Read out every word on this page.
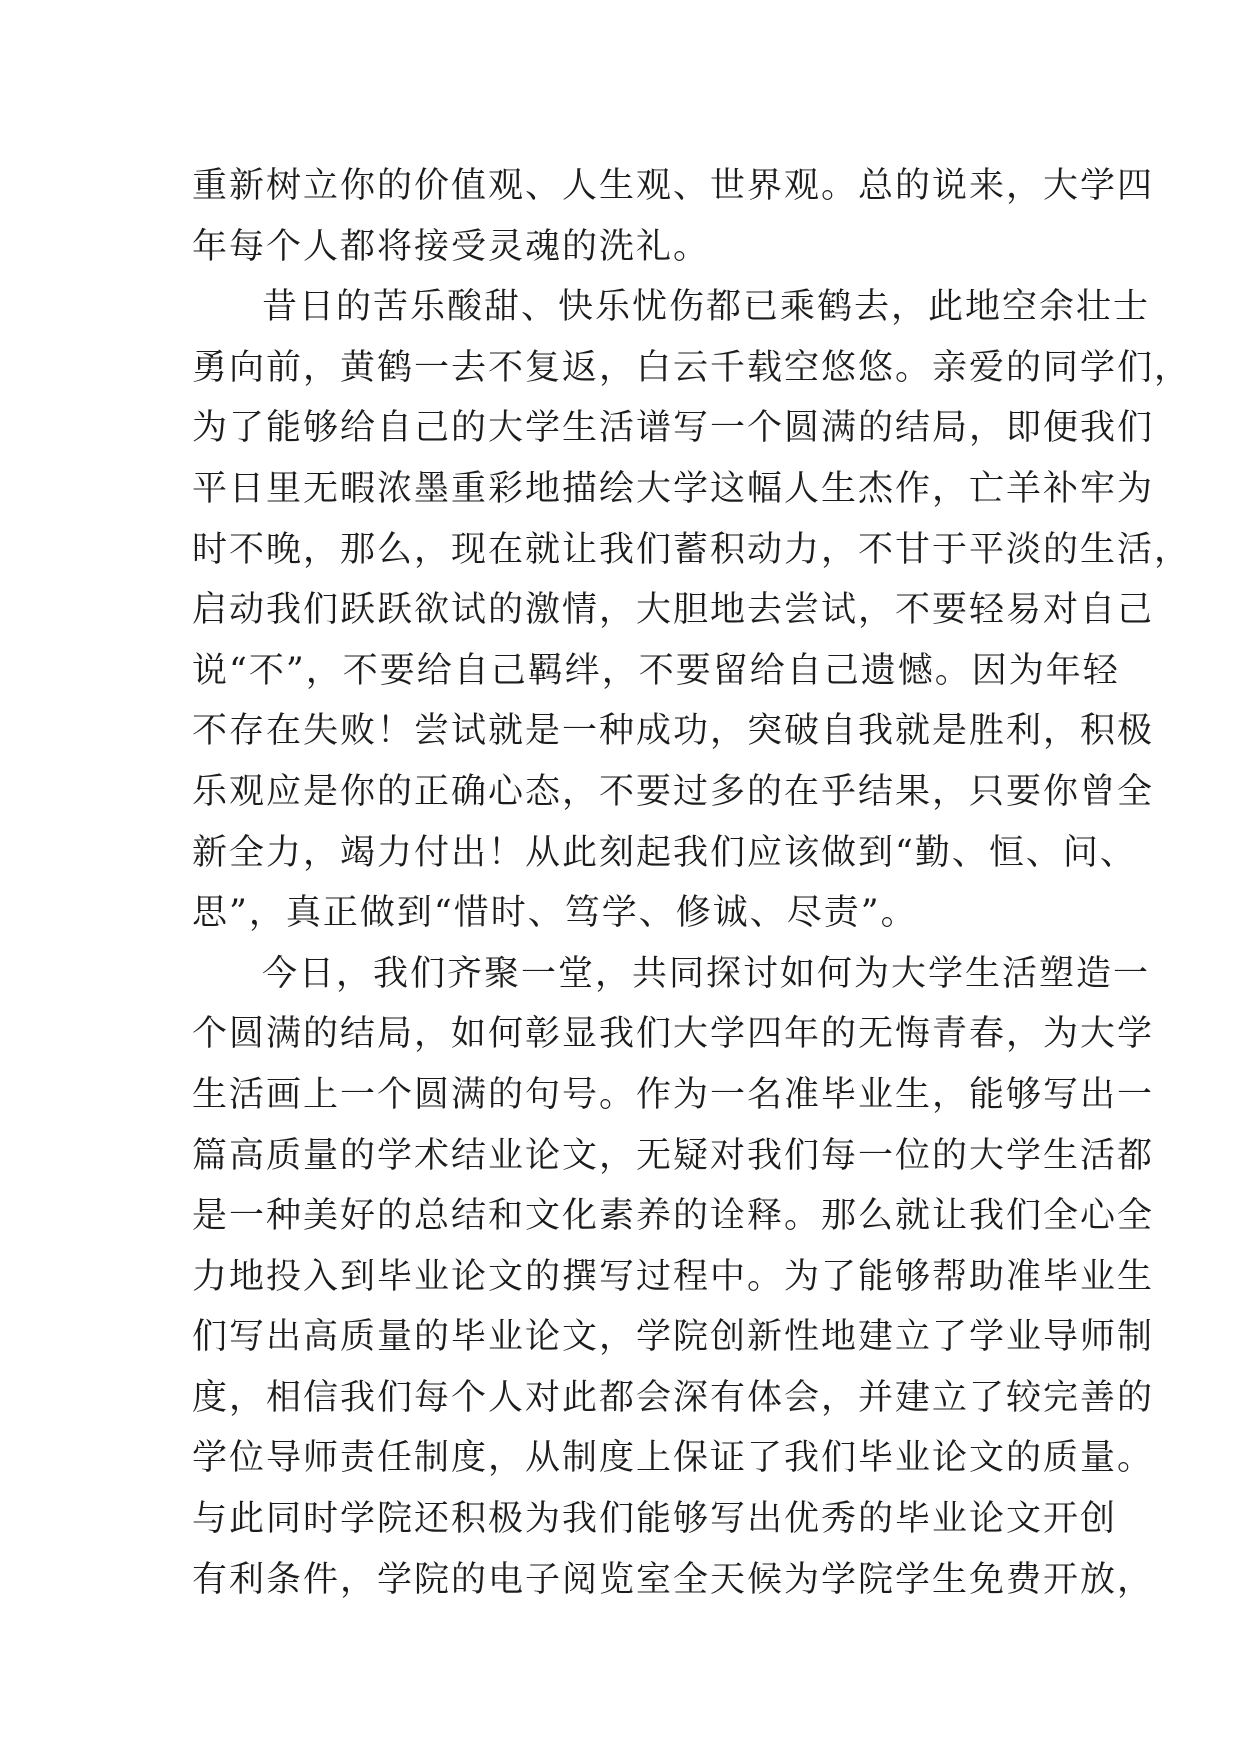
重新树立你的价值观、人生观、世界观。总的说来，大学四
年每个人都将接受灵魂的洗礼。
昔日的苦乐酸甜、快乐忧伤都已乘鹤去，此地空余壮士
勇向前，黄鹤一去不复返，白云千载空悠悠。亲爱的同学们，
为了能够给自己的大学生活谱写一个圆满的结局，即便我们
平日里无暇浓墨重彩地描绘大学这幅人生杰作，亡羊补牢为
时不晚，那么，现在就让我们蓄积动力，不甘于平淡的生活，
启动我们跃跃欲试的激情，大胆地去尝试，不要轻易对自己
说“不”，不要给自己羁绊，不要留给自己遗憾。因为年轻
不存在失败！尝试就是一种成功，突破自我就是胜利，积极
乐观应是你的正确心态，不要过多的在乎结果，只要你曾全
新全力，竭力付出！从此刻起我们应该做到“勤、恒、问、
思”，真正做到“惜时、笃学、修诚、尽责”。
今日，我们齐聚一堂，共同探讨如何为大学生活塑造一
个圆满的结局，如何彰显我们大学四年的无悔青春，为大学
生活画上一个圆满的句号。作为一名准毕业生，能够写出一
篇高质量的学术结业论文，无疑对我们每一位的大学生活都
是一种美好的总结和文化素养的诠释。那么就让我们全心全
力地投入到毕业论文的撰写过程中。为了能够帮助准毕业生
们写出高质量的毕业论文，学院创新性地建立了学业导师制
度，相信我们每个人对此都会深有体会，并建立了较完善的
学位导师责任制度，从制度上保证了我们毕业论文的质量。
与此同时学院还积极为我们能够写出优秀的毕业论文开创
有利条件，学院的电子阅览室全天候为学院学生免费开放，
